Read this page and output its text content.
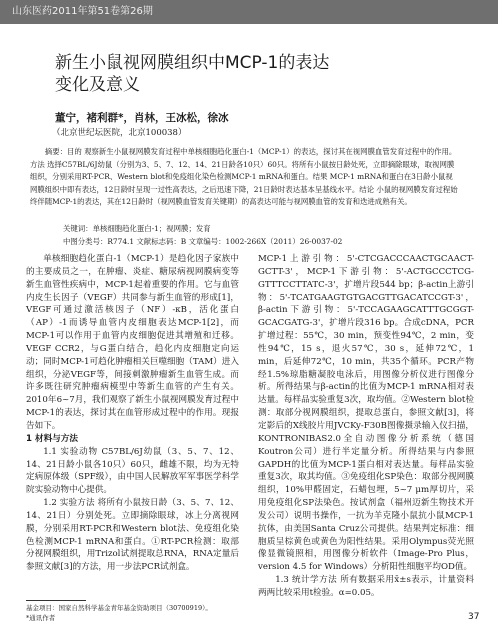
山东医药2011年第51卷第26期
新生小鼠视网膜组织中MCP-1的表达
变化及意义
董宁，褚利群*，肖林，王冰松，徐冰
（北京世纪坛医院，北京100038）

摘要：目的 观察新生小鼠视网膜发育过程中单核细胞趋化蛋白-1（MCP-1）的表达，探讨其在视网膜血管发育过程中的作用。方法 选择C57BL/6J幼鼠（分别为3、5、7、12、14、21日龄各10只）60只。将所有小鼠按日龄处死，立即摘除眼球，取视网膜组织，分别采用RT-PCR、Western blot和免疫组化染色检测MCP-1 mRNA和蛋白。结果 MCP-1 mRNA和蛋白在3日龄小鼠视网膜组织中即有表达，12日龄时呈现一过性高表达，之后迅速下降，21日龄时表达基本呈基线水平。结论 小鼠的视网膜发育过程始终伴随MCP-1的表达，其在12日龄时（视网膜血管发育关键期）的高表达可能与视网膜血管的发育和迭进成熟有关。

关键词：单核细胞趋化蛋白-1；视网膜；发育

中图分类号：R774.1 文献标志码：B 文章编号：1002-266X（2011）26-0037-02

单核细胞趋化蛋白-1（MCP-1）是趋化因子家族中的主要成员之一，在肿瘤、炎症、糖尿病视网膜病变等新生血管性疾病中，MCP-1起着重要的作用。它与血管内皮生长因子（VEGF）共同参与新生血管的形成[1]，VEGF可通过激活核因子（NF）-κB，活化蛋白（AP）-1而诱导血管内皮细胞表达MCP-1[2]，而MCP-1可以作用于血管内皮细胞促进其增殖和迁移。VEGF CCR2，与G蛋白结合，趋化内皮细胞定向运动；同时MCP-1可趋化肿瘤相关巨噬细胞（TAM）进入组织，分泌VEGF等，间接刺激肿瘤新生血管生成。而许多既往研究肿瘤病模型中等新生血管的产生有关。2010年6~7月，我们观察了新生小鼠视网膜发育过程中MCP-1的表达，探讨其在血管形成过程中的作用。现报告如下。

1 材料与方法

1.1 实验动物 C57BL/6J幼鼠（3、5、7、12、14、21日龄小鼠各10只）60只，雌雄不限，均为无特定病原体级（SPF级），由中国人民解放军军事医学科学院实验动物中心提供。

1.2 实验方法 将所有小鼠按日龄（3、5、7、12、14、21日）分别处死。立即摘除眼球，冰上分离视网膜，分别采用RT-PCR和Western blot法、免疫组化染色检测MCP-1 mRNA和蛋白。①RT-PCR检测：取部分视网膜组织，用Trizol试剂提取总RNA，RNA定量后参照文献[3]的方法，用一步法PCR试剂盒。

MCP-1上游引物：5'-CTCGACCCAACTGCAACT-GCTT-3'，MCP-1下游引物：5'-ACTGCCCTCG-GTTTCCTTATC-3'，扩增片段544 bp；β-actin上游引物：5'-TCATGAAGTGTGACGTTGACATCCGT-3'，β-actin下游引物：5'-TCCAGAAGCATTTGCGGT-GCACGATG-3'，扩增片段316 bp。合成cDNA，PCR扩增过程：55℃，30 min，预变性94℃，2 min，变性94℃，15 s，退火57℃，30 s，延伸72℃，1 min，后延伸72℃，10 min，共35个循环。PCR产物经1.5%琼脂糖凝胶电泳后，用图像分析仪进行图像分析。所得结果与β-actin的比值为MCP-1 mRNA相对表达量。每样品实验重复3次，取均值。②Western blot检测：取部分视网膜组织，提取总蛋白，参照文献[3]，将定影后的X线胶片用JVCKy-F30B图像摄录输入仪扫描，KONTRONIBAS2.0全自动图像分析系统（德国Koutron公司）进行半定量分析。所得结果与内参照GAPDH的比值为MCP-1蛋白相对表达量。每样品实验重复3次，取其均值。③免疫组化SP染色：取部分视网膜组织，10%甲醛固定，石蜡包埋，5~7 μm厚切片，采用免疫组化SP法染色。按试剂盒（福州迈新生物技术开发公司）说明书操作，一抗为羊克隆小鼠抗小鼠MCP-1抗体，由美国Santa Cruz公司提供。结果判定标准：细胞质呈棕黄色或黄色为阳性结果。采用Olympus荧光照像显微镜照相，用图像分析软件（Image-Pro Plus，version 4.5 for Windows）分析阳性细胞平均OD值。

1.3 统计学方法 所有数据采用x̄±s表示，计量资料两两比较采用t检验。α=0.05。

基金项目：国家自然科学基金青年基金资助项目（30700919）。
*通讯作者	37
